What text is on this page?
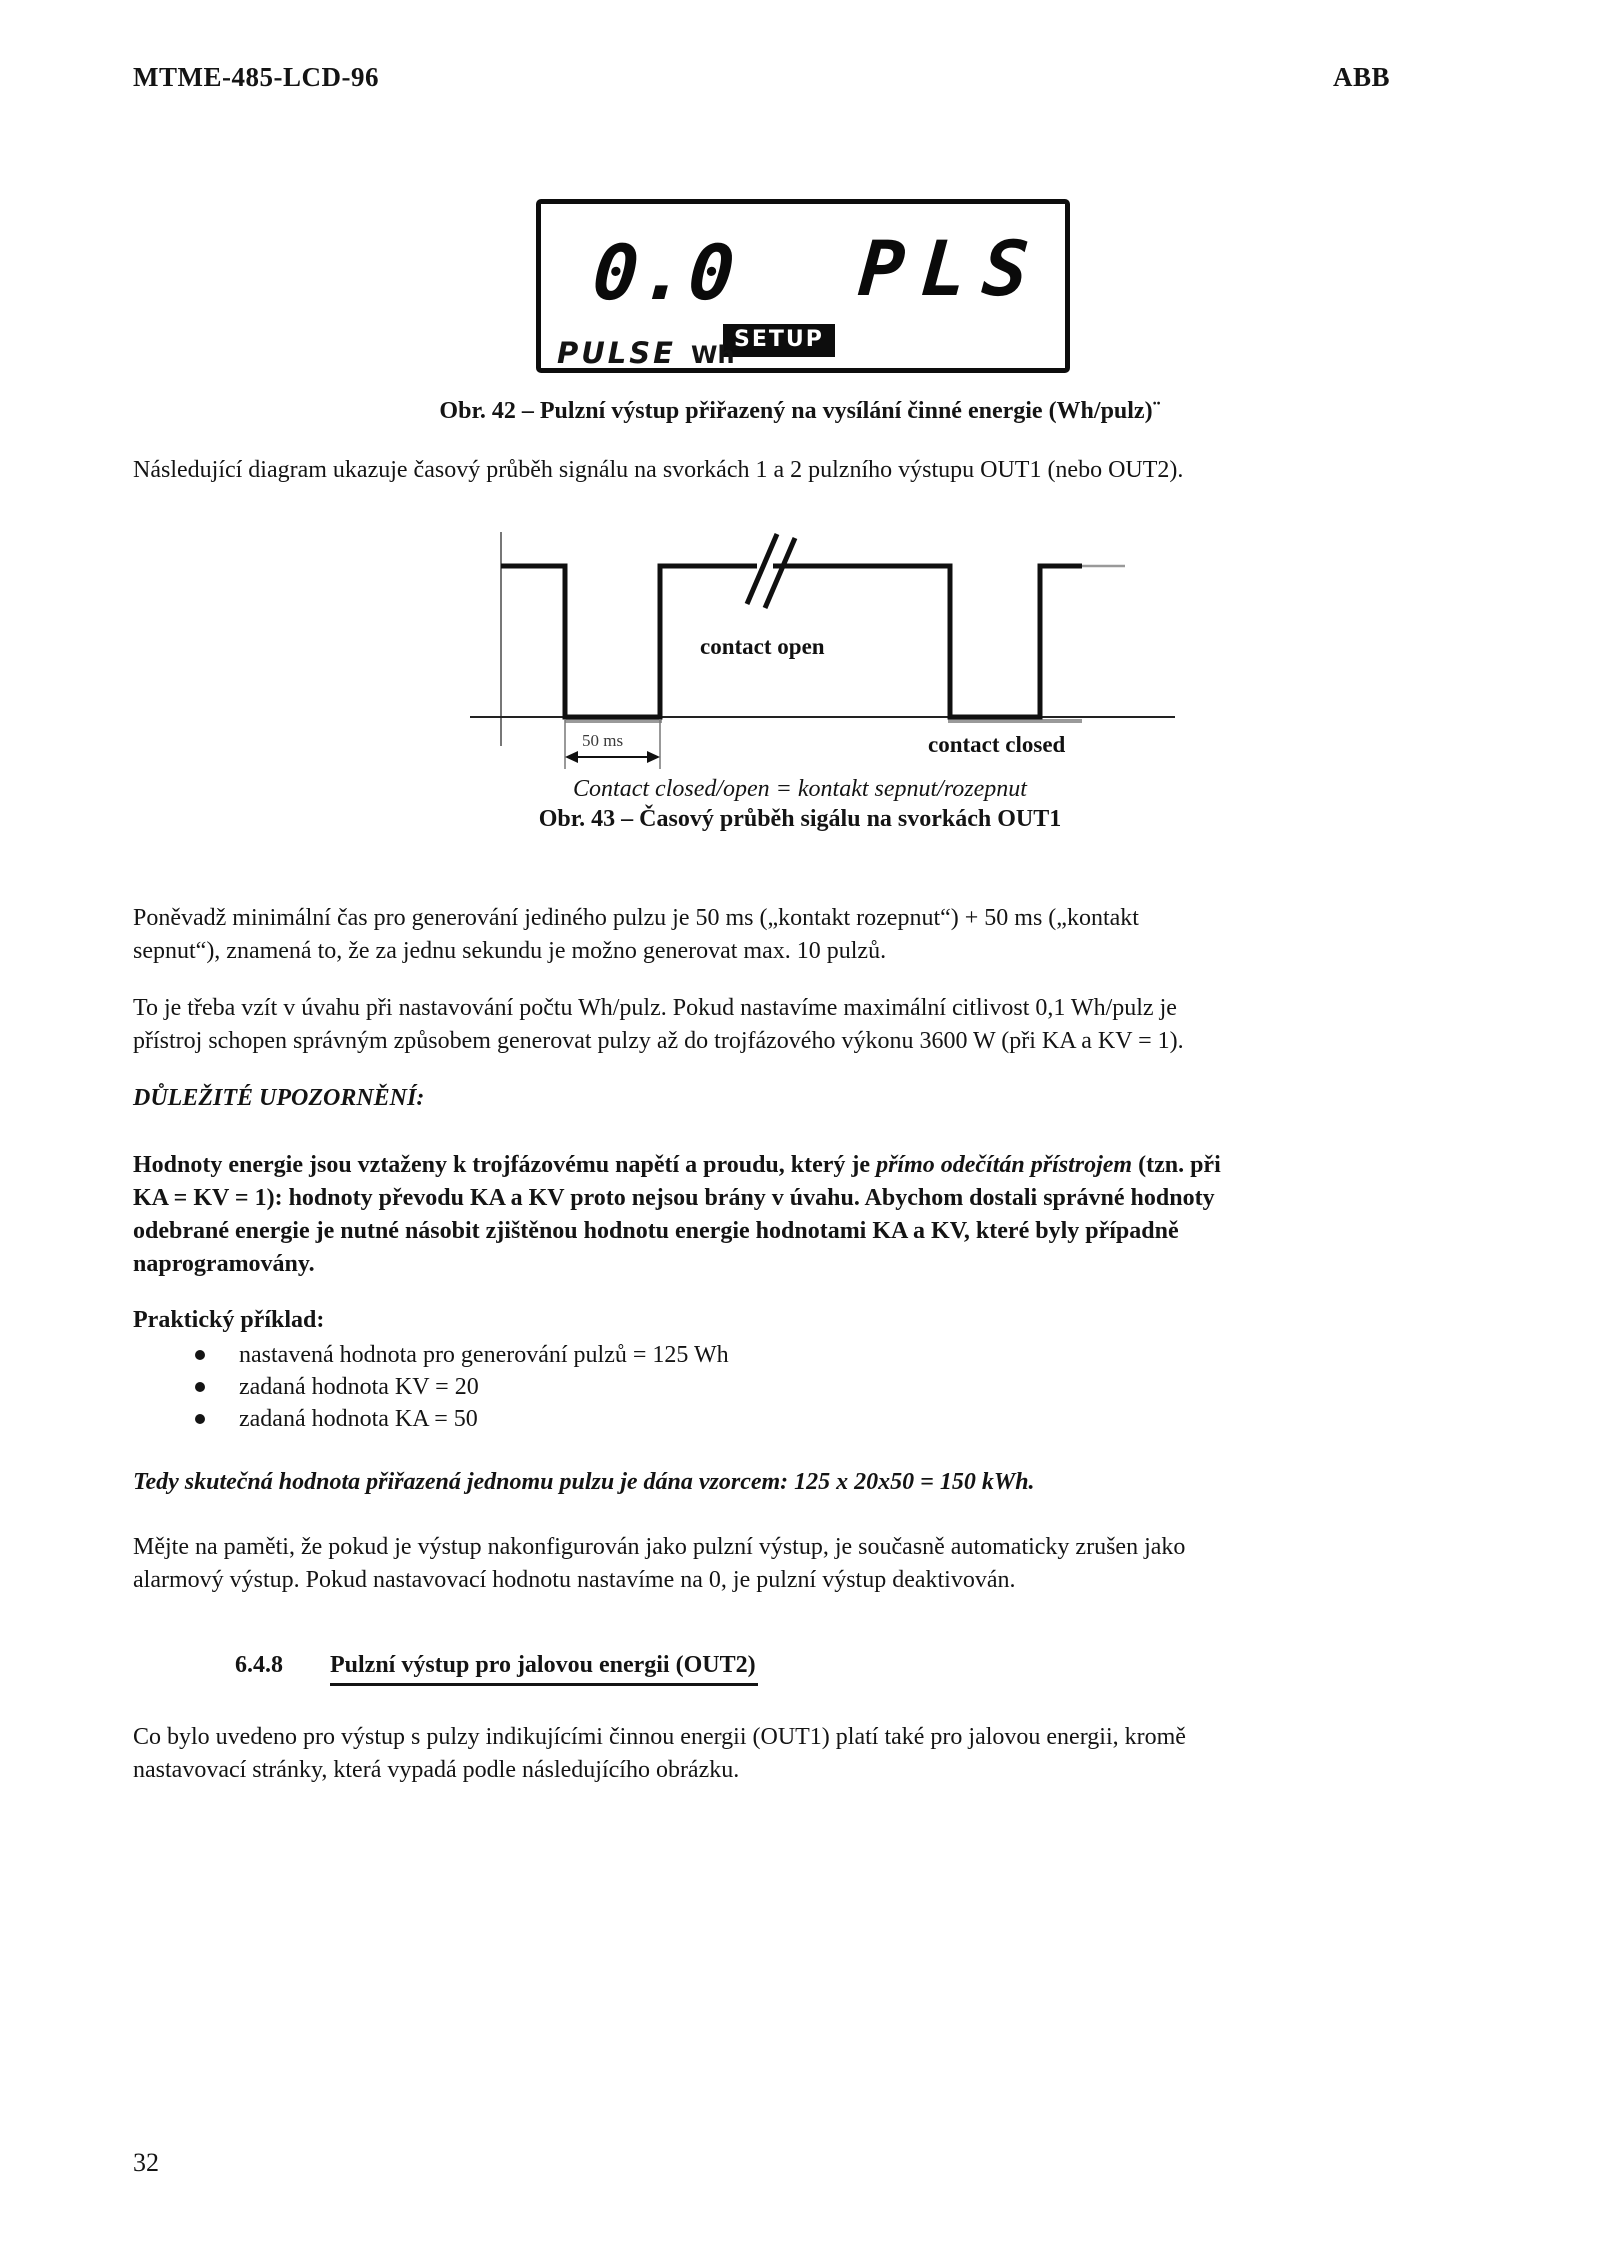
MTME-485-LCD-96	ABB
0.0 PLS
SETUP
PULSE Wh
Obr. 42 – Pulzní výstup přiřazený na vysílání činné energie (Wh/pulz)¨
Následující diagram ukazuje časový průběh signálu na svorkách 1 a 2 pulzního výstupu OUT1 (nebo OUT2).
contact open
50 ms	contact closed
Contact closed/open = kontakt sepnut/rozepnut
Obr. 43 – Časový průběh sigálu na svorkách OUT1
Poněvadž minimální čas pro generování jediného pulzu je 50 ms („kontakt rozepnut“) + 50 ms („kontakt
sepnut“), znamená to, že za jednu sekundu je možno generovat max. 10 pulzů.
To je třeba vzít v úvahu při nastavování počtu Wh/pulz. Pokud nastavíme maximální citlivost 0,1 Wh/pulz je
přístroj schopen správným způsobem generovat pulzy až do trojfázového výkonu 3600 W (při KA a KV = 1).
DŮLEŽITÉ UPOZORNĚNÍ:
Hodnoty energie jsou vztaženy k trojfázovému napětí a proudu, který je přímo odečítán přístrojem (tzn. při
KA = KV = 1): hodnoty převodu KA a KV proto nejsou brány v úvahu. Abychom dostali správné hodnoty
odebrané energie je nutné násobit zjištěnou hodnotu energie hodnotami KA a KV, které byly případně
naprogramovány.
Praktický příklad:
nastavená hodnota pro generování pulzů = 125 Wh
zadaná hodnota KV = 20
zadaná hodnota KA = 50
Tedy skutečná hodnota přiřazená jednomu pulzu je dána vzorcem: 125 x 20x50 = 150 kWh.
Mějte na paměti, že pokud je výstup nakonfigurován jako pulzní výstup, je současně automaticky zrušen jako
alarmový výstup. Pokud nastavovací hodnotu nastavíme na 0, je pulzní výstup deaktivován.
6.4.8 Pulzní výstup pro jalovou energii (OUT2)
Co bylo uvedeno pro výstup s pulzy indikujícími činnou energii (OUT1) platí také pro jalovou energii, kromě
nastavovací stránky, která vypadá podle následujícího obrázku.
32
